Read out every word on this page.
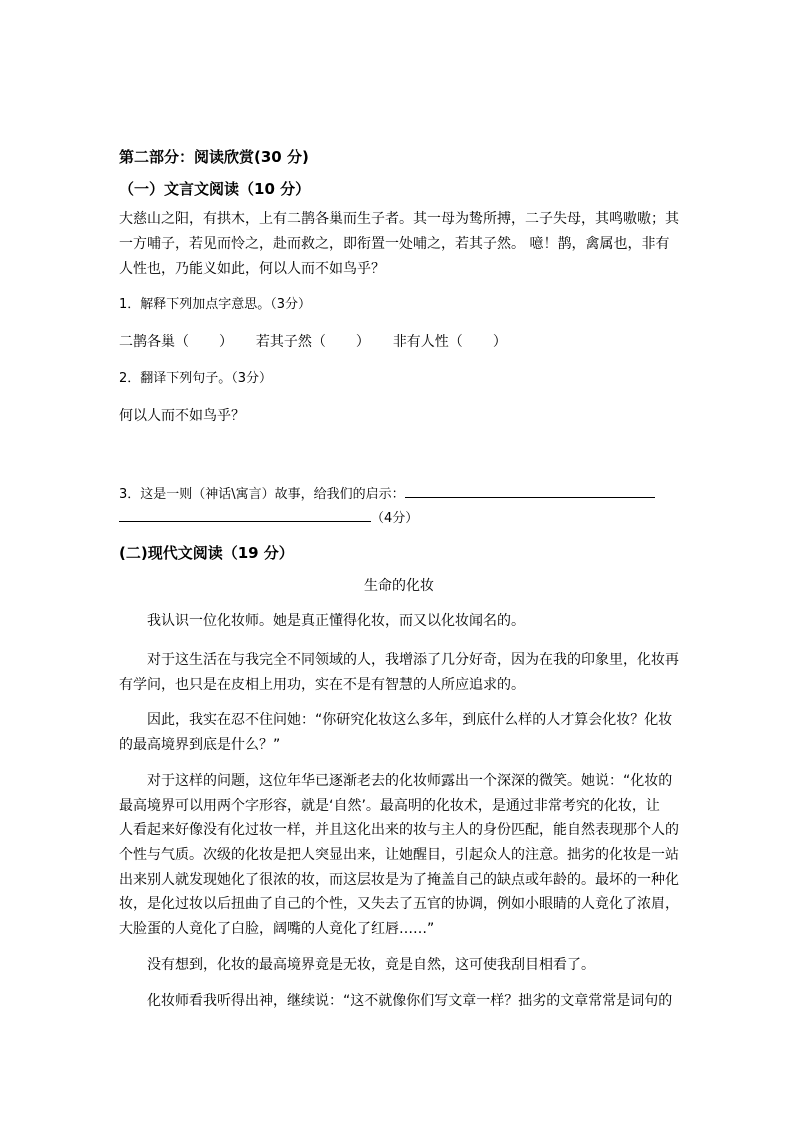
第二部分：阅读欣赏(30 分)
（一）文言文阅读（10 分）
大慈山之阳，有拱木，上有二鹊各巢而生子者。其一母为鸷所搏，二子失母，其鸣嗷嗷；其
一方哺子，若见而怜之，赴而救之，即衔置一处哺之，若其子然。 噫！鹊，禽属也，非有
人性也，乃能义如此，何以人而不如鸟乎？
1．解释下列加点字意思。（3分）
二鹊各巢（ ） 若其子然（ ） 非有人性（ ）
2．翻译下列句子。（3分）
何以人而不如鸟乎？
3．这是一则（神话\寓言）故事，给我们的启示：
（4分）
(二)现代文阅读（19 分）
生命的化妆
我认识一位化妆师。她是真正懂得化妆，而又以化妆闻名的。
对于这生活在与我完全不同领域的人，我增添了几分好奇，因为在我的印象里，化妆再
有学问，也只是在皮相上用功，实在不是有智慧的人所应追求的。
因此，我实在忍不住问她：“你研究化妆这么多年，到底什么样的人才算会化妆？化妆
的最高境界到底是什么？”
对于这样的问题，这位年华已逐渐老去的化妆师露出一个深深的微笑。她说：“化妆的
最高境界可以用两个字形容，就是‘自然’。最高明的化妆术，是通过非常考究的化妆，让
人看起来好像没有化过妆一样，并且这化出来的妆与主人的身份匹配，能自然表现那个人的
个性与气质。次级的化妆是把人突显出来，让她醒目，引起众人的注意。拙劣的化妆是一站
出来别人就发现她化了很浓的妆，而这层妆是为了掩盖自己的缺点或年龄的。最坏的一种化
妆，是化过妆以后扭曲了自己的个性，又失去了五官的协调，例如小眼睛的人竟化了浓眉，
大脸蛋的人竟化了白脸，阔嘴的人竟化了红唇……”
没有想到，化妆的最高境界竟是无妆，竟是自然，这可使我刮目相看了。
化妆师看我听得出神，继续说：“这不就像你们写文章一样？拙劣的文章常常是词句的
